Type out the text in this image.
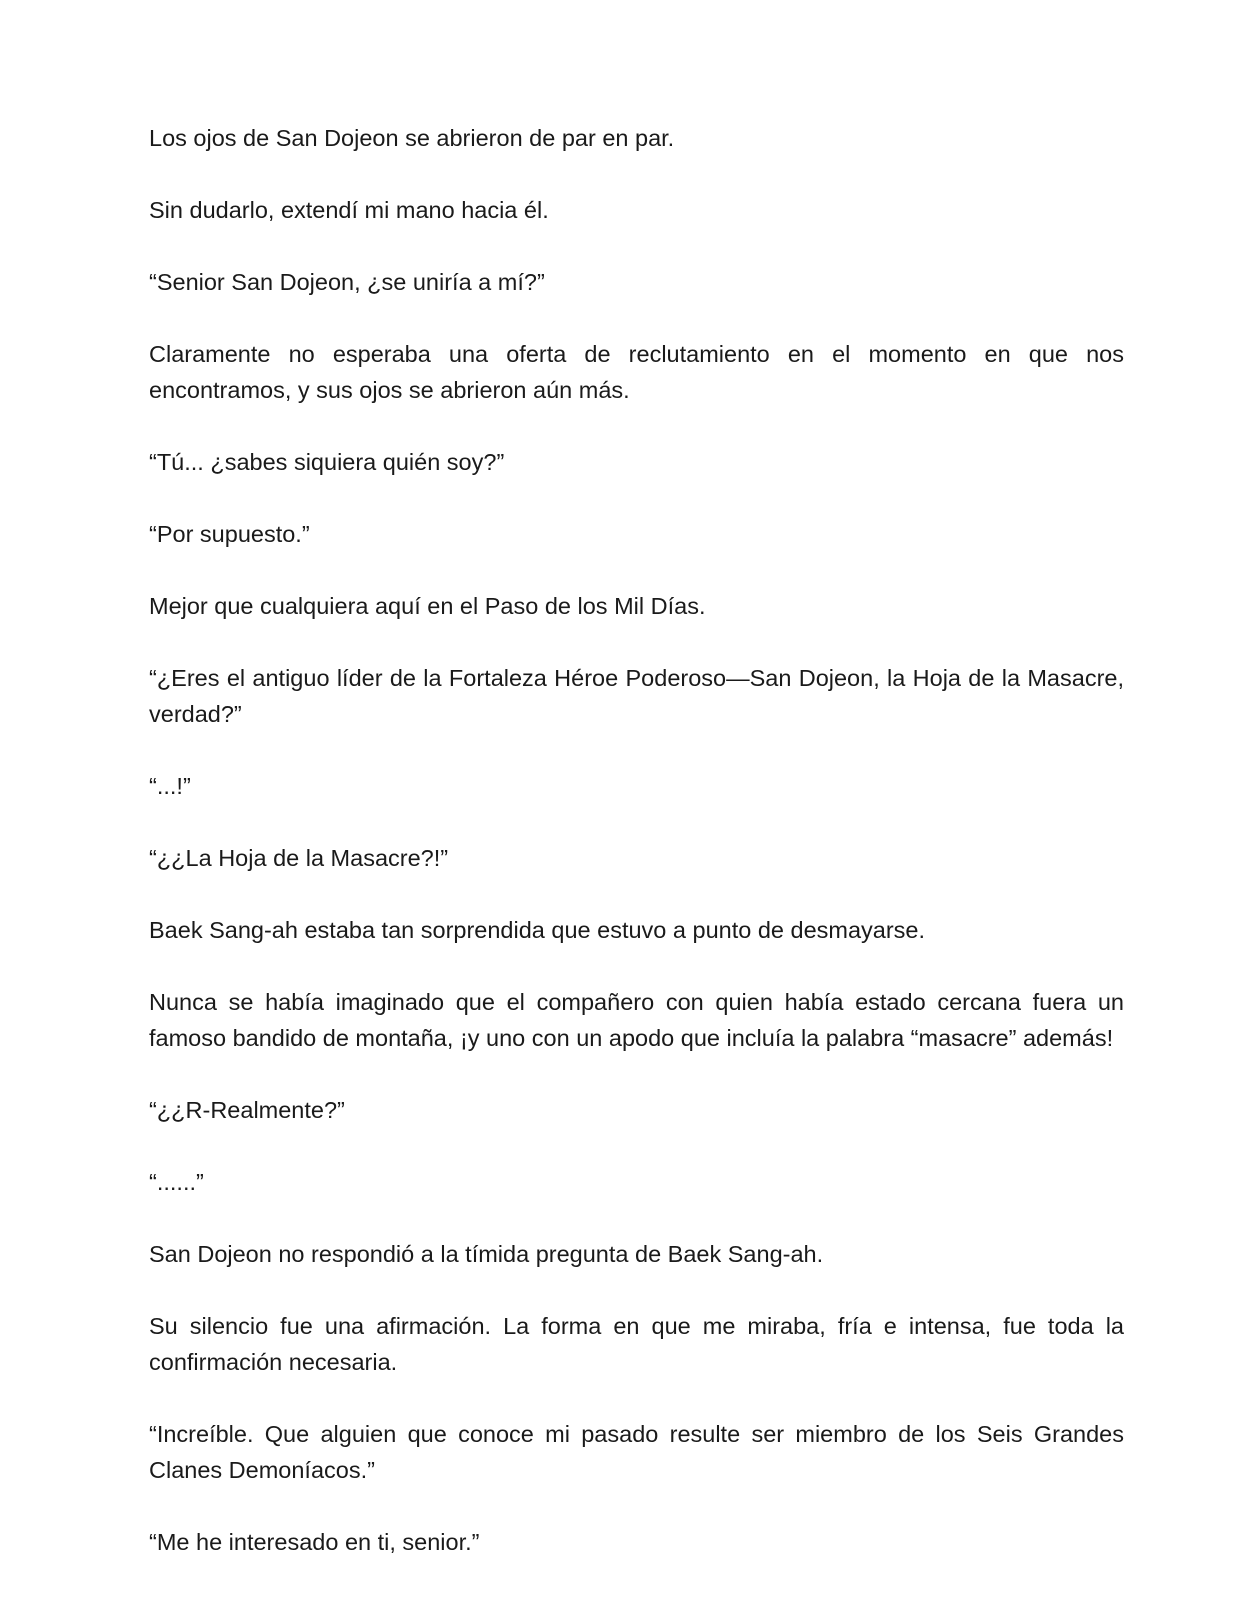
Los ojos de San Dojeon se abrieron de par en par.

Sin dudarlo, extendí mi mano hacia él.

“Senior San Dojeon, ¿se uniría a mí?”

Claramente no esperaba una oferta de reclutamiento en el momento en que nos encontramos, y sus ojos se abrieron aún más.

“Tú... ¿sabes siquiera quién soy?”

“Por supuesto.”

Mejor que cualquiera aquí en el Paso de los Mil Días.

“¿Eres el antiguo líder de la Fortaleza Héroe Poderoso—San Dojeon, la Hoja de la Masacre, verdad?”

“...!”

“¿¿La Hoja de la Masacre?!”

Baek Sang-ah estaba tan sorprendida que estuvo a punto de desmayarse.

Nunca se había imaginado que el compañero con quien había estado cercana fuera un famoso bandido de montaña, ¡y uno con un apodo que incluía la palabra “masacre” además!

“¿¿R-Realmente?”

“......”

San Dojeon no respondió a la tímida pregunta de Baek Sang-ah.

Su silencio fue una afirmación. La forma en que me miraba, fría e intensa, fue toda la confirmación necesaria.

“Increíble. Que alguien que conoce mi pasado resulte ser miembro de los Seis Grandes Clanes Demoníacos.”

“Me he interesado en ti, senior.”
